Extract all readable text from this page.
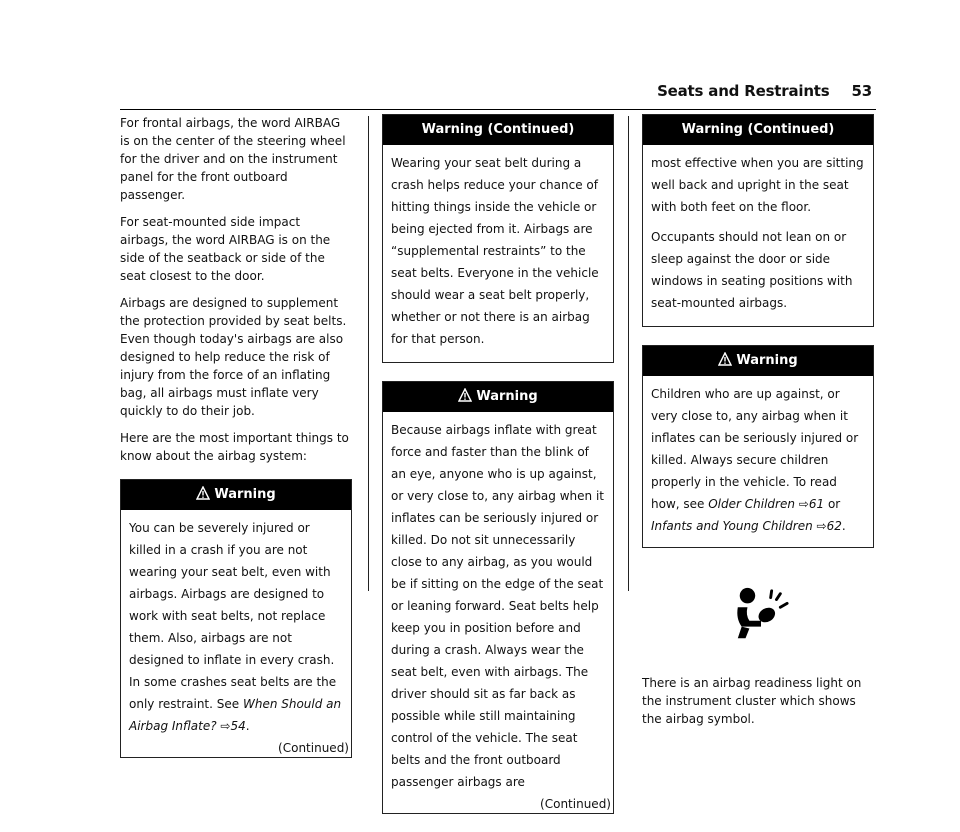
Seats and Restraints 53

For frontal airbags, the word AIRBAG is on the center of the steering wheel for the driver and on the instrument panel for the front outboard passenger.

For seat-mounted side impact airbags, the word AIRBAG is on the side of the seatback or side of the seat closest to the door.

Airbags are designed to supplement the protection provided by seat belts. Even though today's airbags are also designed to help reduce the risk of injury from the force of an inflating bag, all airbags must inflate very quickly to do their job.

Here are the most important things to know about the airbag system:

Warning

You can be severely injured or killed in a crash if you are not wearing your seat belt, even with airbags. Airbags are designed to work with seat belts, not replace them. Also, airbags are not designed to inflate in every crash. In some crashes seat belts are the only restraint. See When Should an Airbag Inflate? ⇨54.

(Continued)
Warning (Continued)

Wearing your seat belt during a crash helps reduce your chance of hitting things inside the vehicle or being ejected from it. Airbags are “supplemental restraints” to the seat belts. Everyone in the vehicle should wear a seat belt properly, whether or not there is an airbag for that person.

Warning

Because airbags inflate with great force and faster than the blink of an eye, anyone who is up against, or very close to, any airbag when it inflates can be seriously injured or killed. Do not sit unnecessarily close to any airbag, as you would be if sitting on the edge of the seat or leaning forward. Seat belts help keep you in position before and during a crash. Always wear the seat belt, even with airbags. The driver should sit as far back as possible while still maintaining control of the vehicle. The seat belts and the front outboard passenger airbags are

(Continued)
Warning (Continued)

most effective when you are sitting well back and upright in the seat with both feet on the floor.

Occupants should not lean on or sleep against the door or side windows in seating positions with seat-mounted airbags.

Warning

Children who are up against, or very close to, any airbag when it inflates can be seriously injured or killed. Always secure children properly in the vehicle. To read how, see Older Children ⇨61 or Infants and Young Children ⇨62.

There is an airbag readiness light on the instrument cluster which shows the airbag symbol.
